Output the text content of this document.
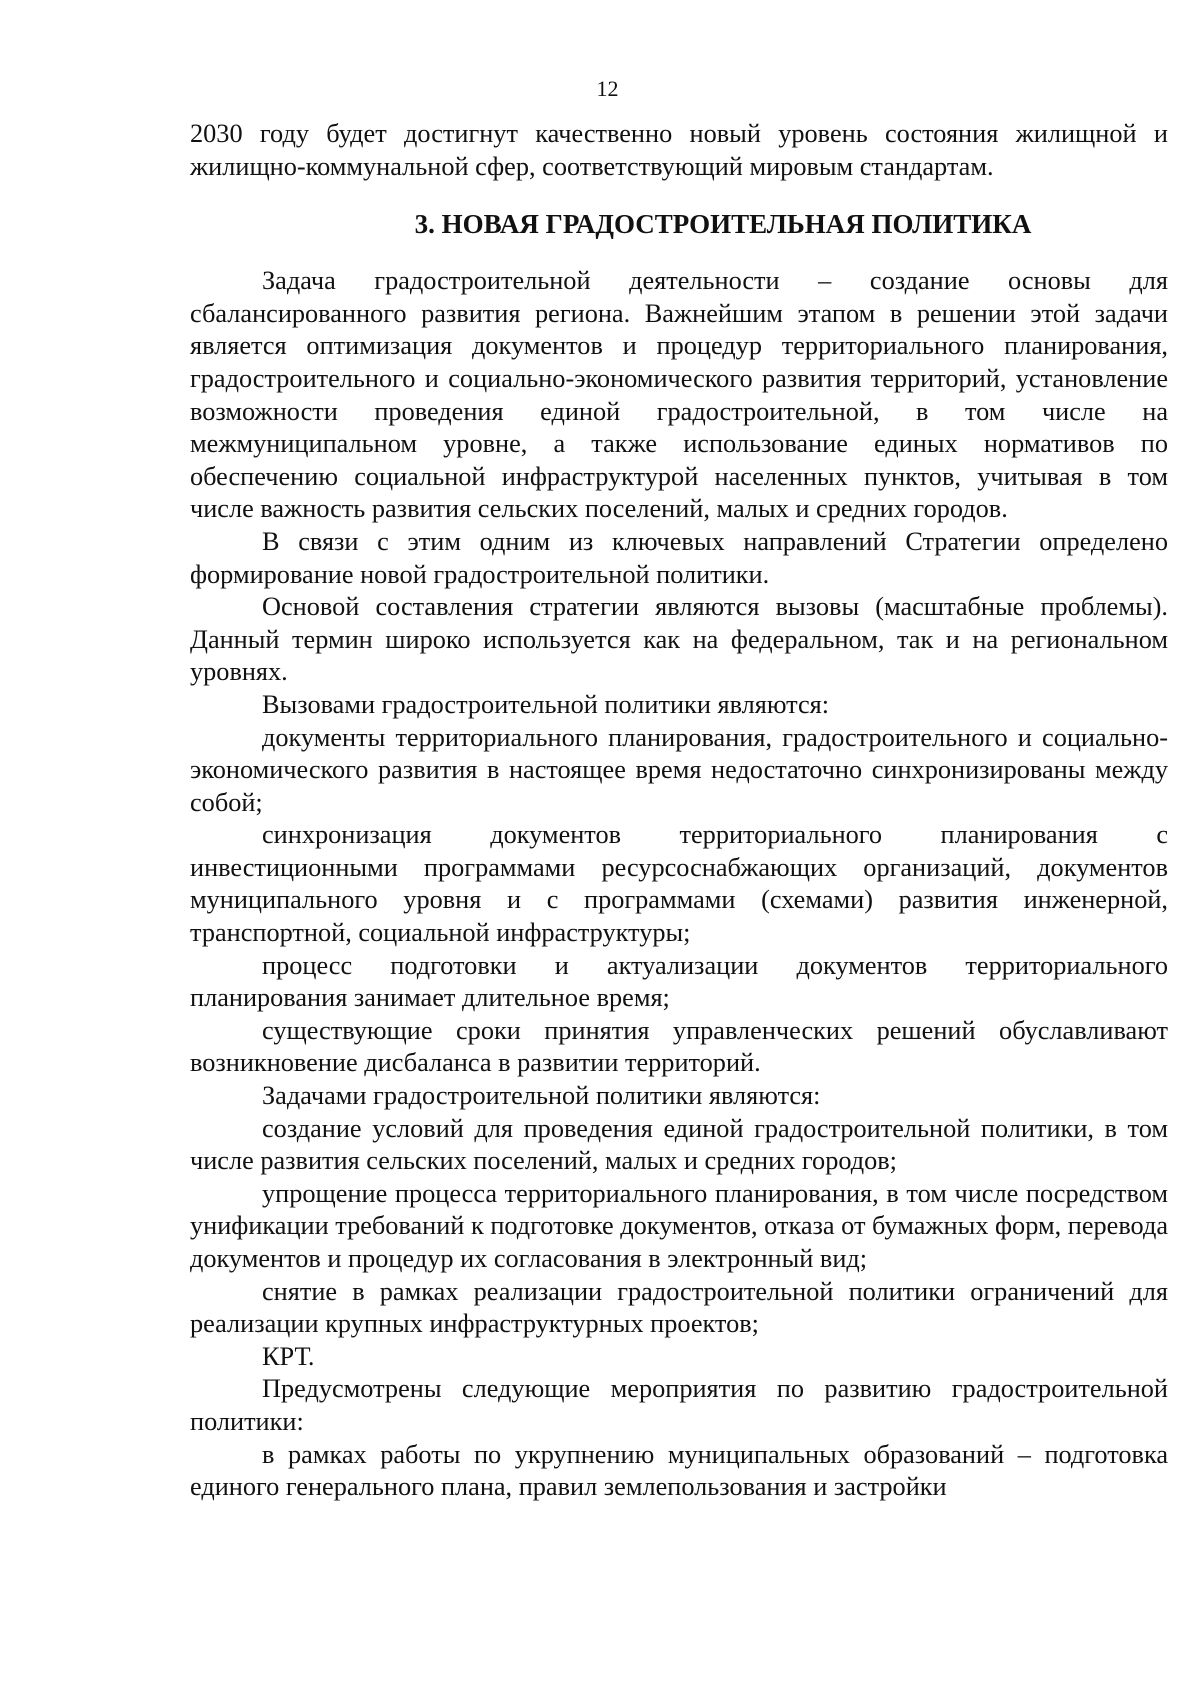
12

2030 году будет достигнут качественно новый уровень состояния жилищной и жилищно-коммунальной сфер, соответствующий мировым стандартам.

3. НОВАЯ ГРАДОСТРОИТЕЛЬНАЯ ПОЛИТИКА

Задача градостроительной деятельности – создание основы для сбалансированного развития региона. Важнейшим этапом в решении этой задачи является оптимизация документов и процедур территориального планирования, градостроительного и социально-экономического развития территорий, установление возможности проведения единой градостроительной, в том числе на межмуниципальном уровне, а также использование единых нормативов по обеспечению социальной инфраструктурой населенных пунктов, учитывая в том числе важность развития сельских поселений, малых и средних городов.

В связи с этим одним из ключевых направлений Стратегии определено формирование новой градостроительной политики.

Основой составления стратегии являются вызовы (масштабные проблемы). Данный термин широко используется как на федеральном, так и на региональном уровнях.

Вызовами градостроительной политики являются:

документы территориального планирования, градостроительного и социально-экономического развития в настоящее время недостаточно синхронизированы между собой;

синхронизация документов территориального планирования с инвестиционными программами ресурсоснабжающих организаций, документов муниципального уровня и с программами (схемами) развития инженерной, транспортной, социальной инфраструктуры;

процесс подготовки и актуализации документов территориального планирования занимает длительное время;

существующие сроки принятия управленческих решений обуславливают возникновение дисбаланса в развитии территорий.

Задачами градостроительной политики являются:

создание условий для проведения единой градостроительной политики, в том числе развития сельских поселений, малых и средних городов;

упрощение процесса территориального планирования, в том числе посредством унификации требований к подготовке документов, отказа от бумажных форм, перевода документов и процедур их согласования в электронный вид;

снятие в рамках реализации градостроительной политики ограничений для реализации крупных инфраструктурных проектов;

КРТ.

Предусмотрены следующие мероприятия по развитию градостроительной политики:

в рамках работы по укрупнению муниципальных образований – подготовка единого генерального плана, правил землепользования и застройки
